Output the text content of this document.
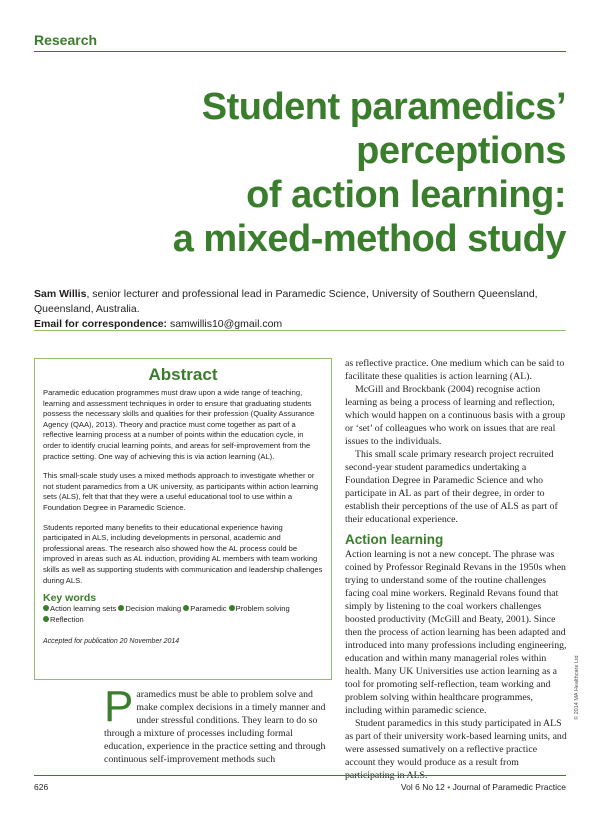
Research
Student paramedics’
perceptions
of action learning:
a mixed-method study
Sam Willis, senior lecturer and professional lead in Paramedic Science, University of Southern Queensland, Queensland, Australia.
Email for correspondence: samwillis10@gmail.com
Abstract

Paramedic education programmes must draw upon a wide range of teaching, learning and assessment techniques in order to ensure that graduating students possess the necessary skills and qualities for their profession (Quality Assurance Agency (QAA), 2013). Theory and practice must come together as part of a reflective learning process at a number of points within the education cycle, in order to identify crucial learning points, and areas for self-improvement from the practice setting. One way of achieving this is via action learning (AL).

This small-scale study uses a mixed methods approach to investigate whether or not student paramedics from a UK university, as participants within action learning sets (ALS), felt that that they were a useful educational tool to use within a Foundation Degree in Paramedic Science.

Students reported many benefits to their educational experience having participated in ALS, including developments in personal, academic and professional areas. The research also showed how the AL process could be improved in areas such as AL induction, providing AL members with team working skills as well as supporting students with communication and leadership challenges during ALS.

Key words
Action learning sets Decision making Paramedic Problem solving Reflection
Accepted for publication 20 November 2014
Paramedics must be able to problem solve and make complex decisions in a timely manner and under stressful conditions. They learn to do so through a mixture of processes including formal education, experience in the practice setting and through continuous self-improvement methods such

as reflective practice. One medium which can be said to facilitate these qualities is action learning (AL).

McGill and Brockbank (2004) recognise action learning as being a process of learning and reflection, which would happen on a continuous basis with a group or ‘set’ of colleagues who work on issues that are real issues to the individuals.

This small scale primary research project recruited second-year student paramedics undertaking a Foundation Degree in Paramedic Science and who participate in AL as part of their degree, in order to establish their perceptions of the use of ALS as part of their educational experience.

Action learning

Action learning is not a new concept. The phrase was coined by Professor Reginald Revans in the 1950s when trying to understand some of the routine challenges facing coal mine workers. Reginald Revans found that simply by listening to the coal workers challenges boosted productivity (McGill and Beaty, 2001). Since then the process of action learning has been adapted and introduced into many professions including engineering, education and within many managerial roles within health. Many UK Universities use action learning as a tool for promoting self-reflection, team working and problem solving within healthcare programmes, including within paramedic science.

Student paramedics in this study participated in ALS as part of their university work-based learning units, and were assessed sumatively on a reflective practice account they would produce as a result from

© 2014 MA Healthcare Ltd
626	Vol 6 No 12 • Journal of Paramedic Practice
